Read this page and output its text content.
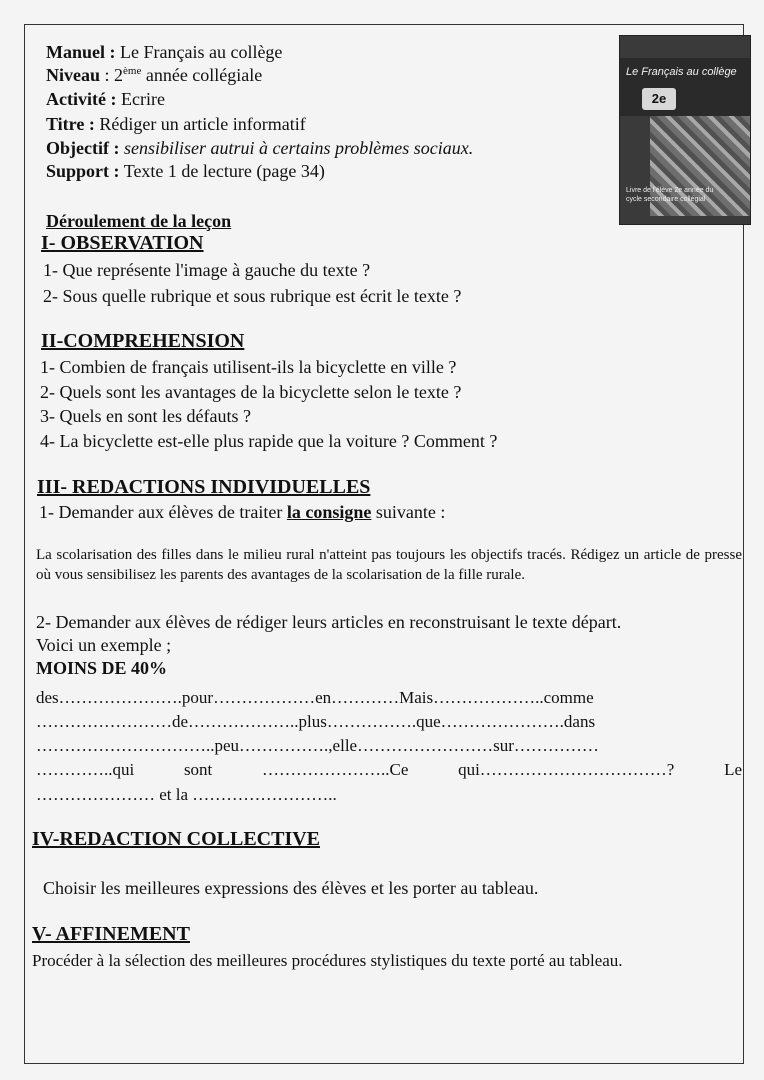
Manuel : Le Français au collège
Niveau : 2ème année collégiale
Activité : Ecrire
Titre : Rédiger un article informatif
Objectif : sensibiliser autrui à certains problèmes sociaux.
Support : Texte 1 de lecture (page 34)
Le Français au collège
2e
Livre de l'élève 2e année du cycle secondaire collégial
Déroulement de la leçon
I- OBSERVATION
1- Que représente l'image à gauche du texte ?
2- Sous quelle rubrique et sous rubrique est écrit le texte ?
II-COMPREHENSION
1- Combien de français utilisent-ils la bicyclette en ville ?
2- Quels sont les avantages de la bicyclette selon le texte ?
3- Quels en sont les défauts ?
4- La bicyclette est-elle plus rapide que la voiture ? Comment ?
III- REDACTIONS INDIVIDUELLES
1- Demander aux élèves de traiter la consigne suivante :
La scolarisation des filles dans le milieu rural n'atteint pas toujours les objectifs tracés. Rédigez un article de presse où vous sensibilisez les parents des avantages de la scolarisation de la fille rurale.
2- Demander aux élèves de rédiger leurs articles en reconstruisant le texte départ.
Voici un exemple ;
MOINS DE 40%
des………………….pour………………en…………Mais………………..comme
……………………de………………..plus…………….que………………….dans
…………………………..peu…………….,elle……………………sur……………
…………..qui	sont	…………………..Ce	qui……………………………?	Le
………………… et la ……………………..
IV-REDACTION COLLECTIVE
Choisir les meilleures expressions des élèves et les porter au tableau.
V- AFFINEMENT
Procéder à la sélection des meilleures procédures stylistiques du texte porté au tableau.
